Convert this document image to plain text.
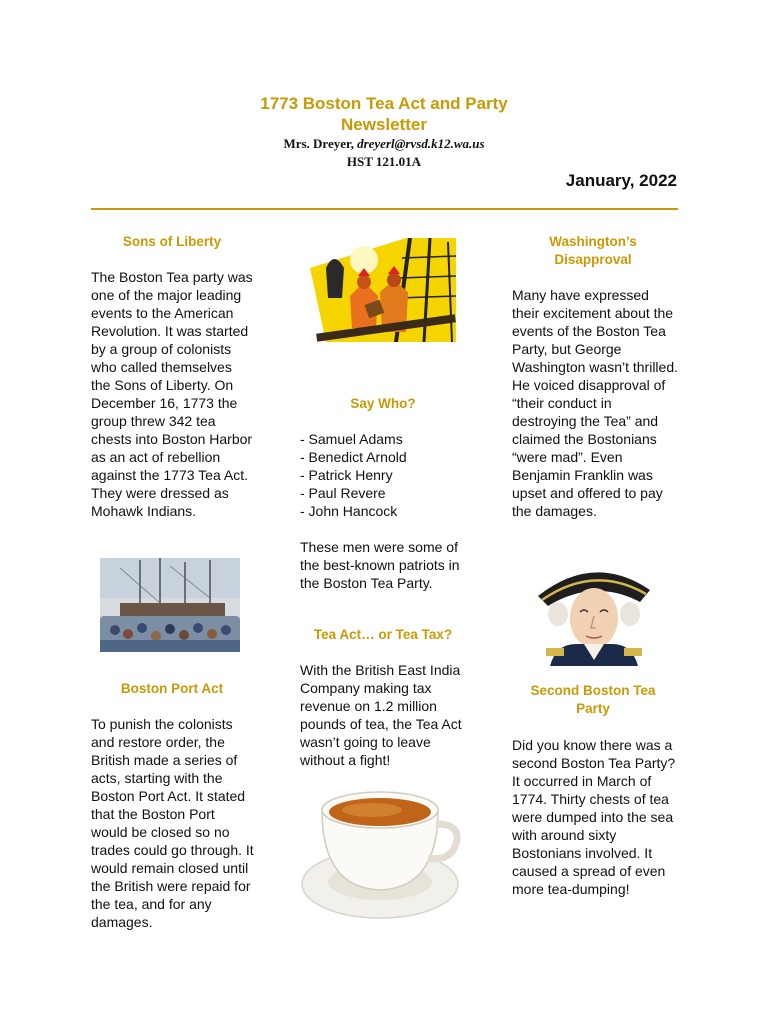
1773 Boston Tea Act and Party
Newsletter
Mrs. Dreyer, dreyerl@rvsd.k12.wa.us
HST 121.01A
January, 2022
Sons of Liberty

The Boston Tea party was one of the major leading events to the American Revolution. It was started by a group of colonists who called themselves the Sons of Liberty. On December 16, 1773 the group threw 342 tea chests into Boston Harbor as an act of rebellion against the 1773 Tea Act. They were dressed as Mohawk Indians.

Boston Port Act

To punish the colonists and restore order, the British made a series of acts, starting with the Boston Port Act. It stated that the Boston Port would be closed so no trades could go through. It would remain closed until the British were repaid for the tea, and for any damages.

Say Who?
- Samuel Adams
- Benedict Arnold
- Patrick Henry
- Paul Revere
- John Hancock

These men were some of the best-known patriots in the Boston Tea Party.

Tea Act… or Tea Tax?

With the British East India Company making tax revenue on 1.2 million pounds of tea, the Tea Act wasn’t going to leave without a fight!

Washington’s
Disapproval

Many have expressed their excitement about the events of the Boston Tea Party, but George Washington wasn’t thrilled. He voiced disapproval of “their conduct in destroying the Tea” and claimed the Bostonians “were mad”. Even Benjamin Franklin was upset and offered to pay the damages.

Second Boston Tea
Party

Did you know there was a second Boston Tea Party? It occurred in March of 1774. Thirty chests of tea were dumped into the sea with around sixty Bostonians involved. It caused a spread of even more tea-dumping!
